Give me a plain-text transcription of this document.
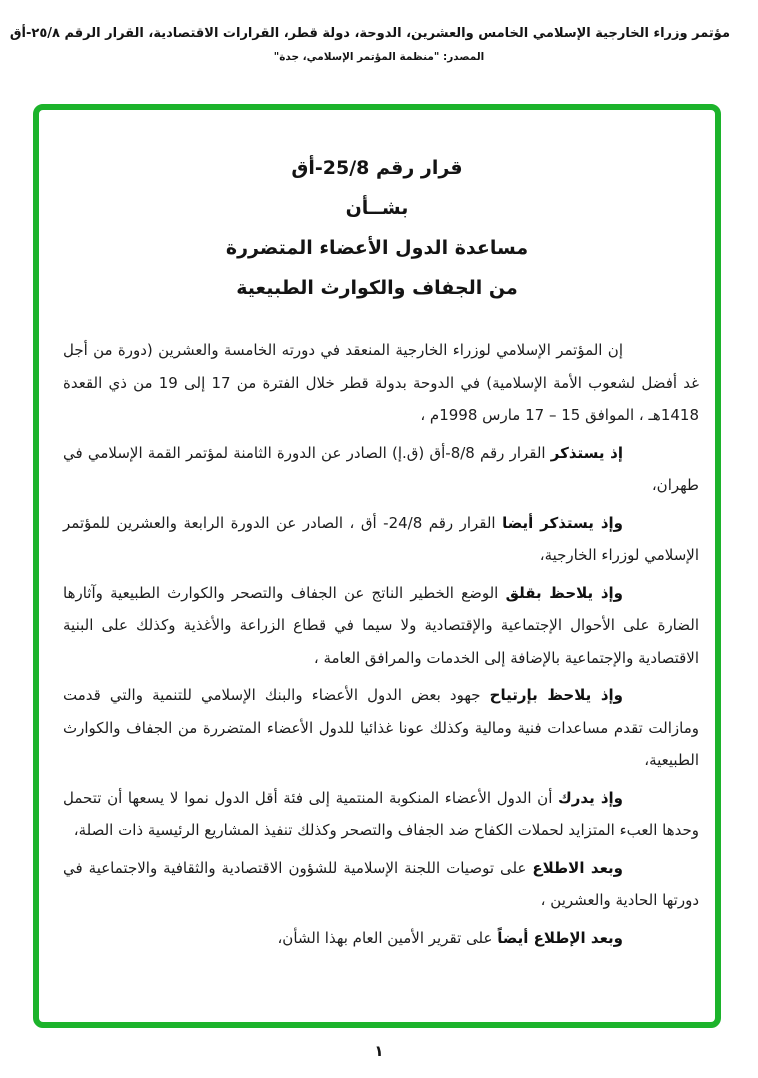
مؤتمر وزراء الخارجية الإسلامي الخامس والعشرين، الدوحة، دولة قطر، القرارات الاقتصادية، القرار الرقم ٢٥/٨-أق
المصدر: "منظمة المؤتمر الإسلامي، جدة"
قرار رقم 25/8-أق
بشــأن
مساعدة الدول الأعضاء المتضررة
من الجفاف والكوارث الطبيعية

إن المؤتمر الإسلامي لوزراء الخارجية المنعقد في دورته الخامسة والعشرين (دورة من أجل غد أفضل لشعوب الأمة الإسلامية) في الدوحة بدولة قطر خلال الفترة من 17 إلى 19 من ذي القعدة 1418هـ ، الموافق 15 – 17 مارس 1998م ،

إذ يستذكر القرار رقم 8/8-أق (ق.إ) الصادر عن الدورة الثامنة لمؤتمر القمة الإسلامي في طهران،

وإذ يستذكر أيضا القرار رقم 24/8- أق ، الصادر عن الدورة الرابعة والعشرين للمؤتمر الإسلامي لوزراء الخارجية،

وإذ يلاحظ بقلق الوضع الخطير الناتج عن الجفاف والتصحر والكوارث الطبيعية وآثارها الضارة على الأحوال الإجتماعية والإقتصادية ولا سيما في قطاع الزراعة والأغذية وكذلك على البنية الاقتصادية والإجتماعية بالإضافة إلى الخدمات والمرافق العامة ،

وإذ يلاحظ بإرتياح جهود بعض الدول الأعضاء والبنك الإسلامي للتنمية والتي قدمت ومازالت تقدم مساعدات فنية ومالية وكذلك عونا غذائيا للدول الأعضاء المتضررة من الجفاف والكوارث الطبيعية،

وإذ يدرك أن الدول الأعضاء المنكوبة المنتمية إلى فئة أقل الدول نموا لا يسعها أن تتحمل وحدها العبء المتزايد لحملات الكفاح ضد الجفاف والتصحر وكذلك تنفيذ المشاريع الرئيسية ذات الصلة،

وبعد الاطلاع على توصيات اللجنة الإسلامية للشؤون الاقتصادية والثقافية والاجتماعية في دورتها الحادية والعشرين ،

وبعد الإطلاع أيضاً على تقرير الأمين العام بهذا الشأن،

١
